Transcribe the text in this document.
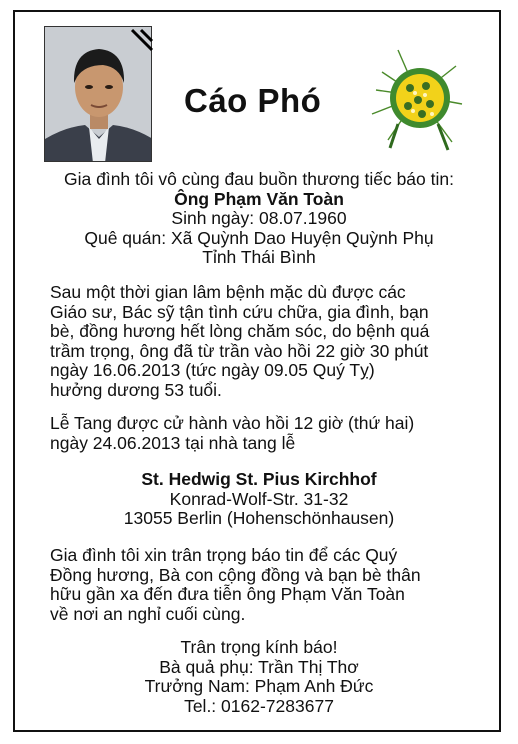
Cáo Phó
Gia đình tôi vô cùng đau buồn thương tiếc báo tin:
Ông Phạm Văn Toàn
Sinh ngày: 08.07.1960
Quê quán: Xã Quỳnh Dao Huyện Quỳnh Phụ
Tỉnh Thái Bình
Sau một thời gian lâm bệnh mặc dù được các
Giáo sư, Bác sỹ tận tình cứu chữa, gia đình, bạn
bè, đồng hương hết lòng chăm sóc, do bệnh quá
trầm trọng, ông đã từ trần vào hồi 22 giờ 30 phút
ngày 16.06.2013 (tức ngày 09.05 Quý Tỵ)
hưởng dương 53 tuổi.
Lễ Tang được cử hành vào hồi 12 giờ (thứ hai)
ngày 24.06.2013 tại nhà tang lễ
St. Hedwig St. Pius Kirchhof
Konrad-Wolf-Str. 31-32
13055 Berlin (Hohenschönhausen)
Gia đình tôi xin trân trọng báo tin để các Quý
Đồng hương, Bà con cộng đồng và bạn bè thân
hữu gần xa đến đưa tiễn ông Phạm Văn Toàn
về nơi an nghỉ cuối cùng.
Trân trọng kính báo!
Bà quả phụ: Trần Thị Thơ
Trưởng Nam: Phạm Anh Đức
Tel.: 0162-7283677
